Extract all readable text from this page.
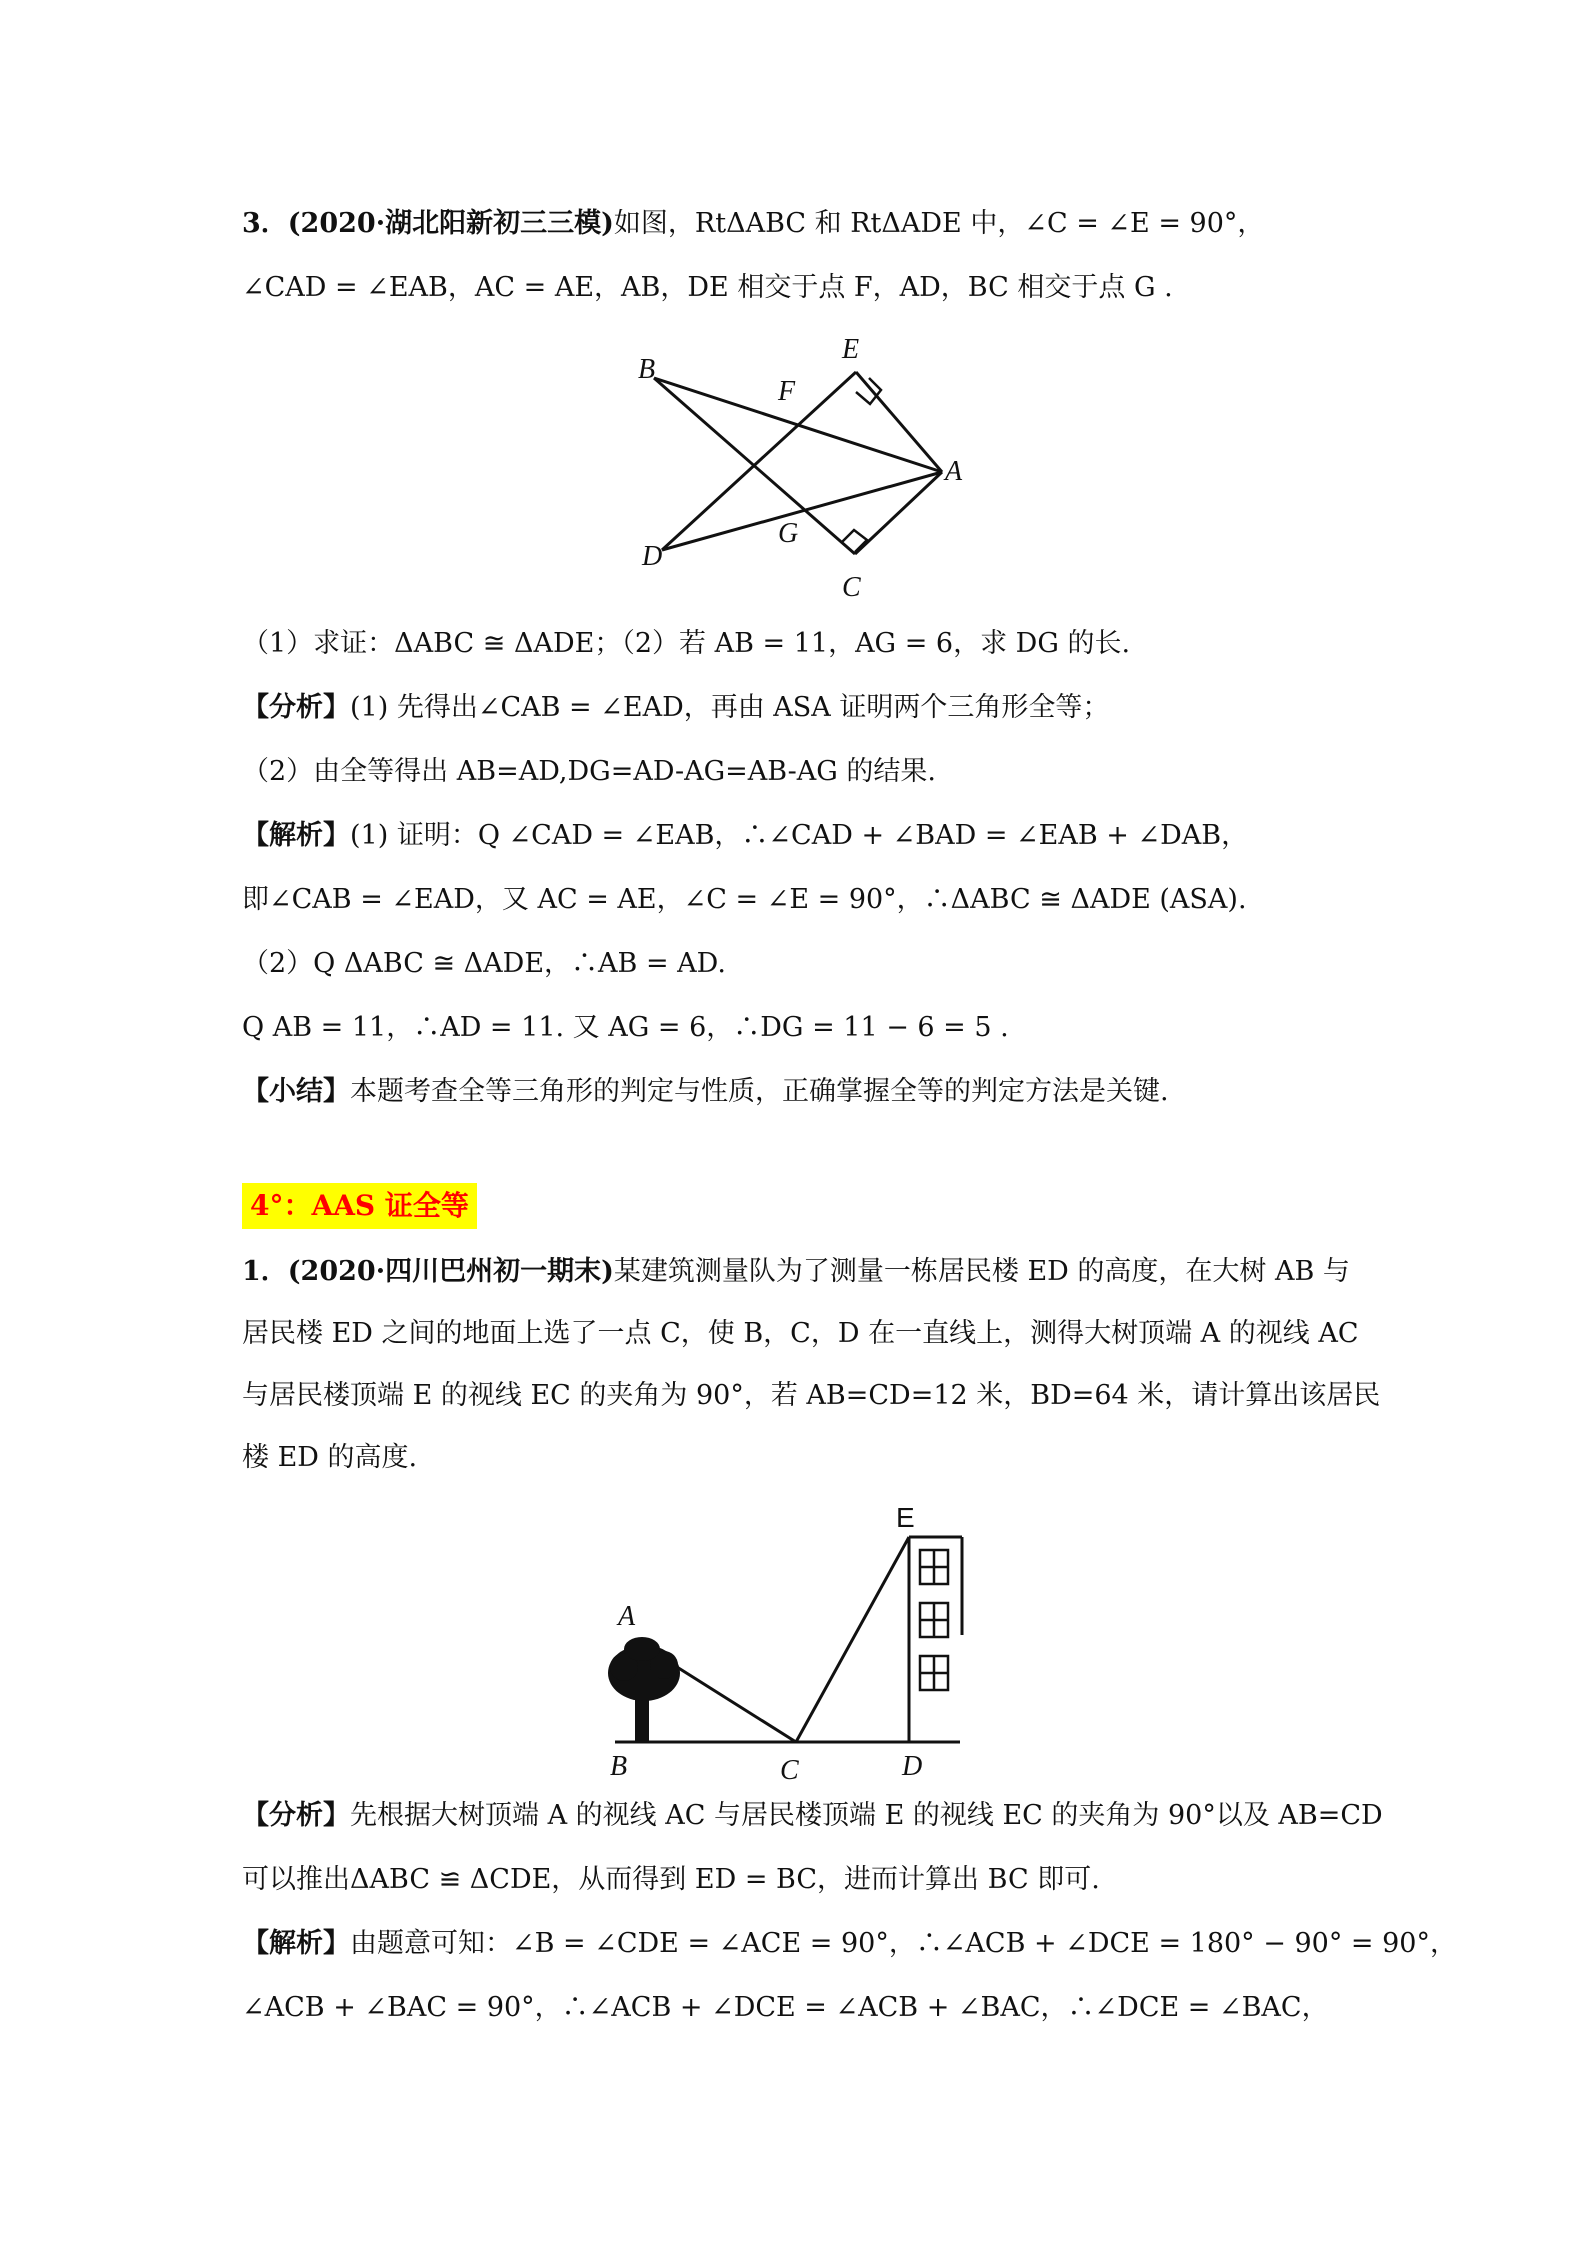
3．(2020·湖北阳新初三三模)如图，RtΔABC 和 RtΔADE 中，∠C = ∠E = 90°，
∠CAD = ∠EAB，AC = AE，AB，DE 相交于点 F，AD，BC 相交于点 G .
B
E
F
A
D
G
C
（1）求证：ΔABC ≅ ΔADE；（2）若 AB = 11，AG = 6，求 DG 的长.
【分析】(1) 先得出∠CAB = ∠EAD，再由 ASA 证明两个三角形全等；
（2）由全等得出 AB=AD,DG=AD-AG=AB-AG 的结果.
【解析】(1) 证明：Q ∠CAD = ∠EAB，∴∠CAD + ∠BAD = ∠EAB + ∠DAB，
即∠CAB = ∠EAD，又 AC = AE，∠C = ∠E = 90°，∴ΔABC ≅ ΔADE (ASA).
（2）Q ΔABC ≅ ΔADE，∴AB = AD.
Q AB = 11，∴AD = 11. 又 AG = 6，∴DG = 11 − 6 = 5 .
【小结】本题考查全等三角形的判定与性质，正确掌握全等的判定方法是关键.
4°：AAS 证全等
1．(2020·四川巴州初一期末)某建筑测量队为了测量一栋居民楼 ED 的高度，在大树 AB 与
居民楼 ED 之间的地面上选了一点 C，使 B，C，D 在一直线上，测得大树顶端 A 的视线 AC
与居民楼顶端 E 的视线 EC 的夹角为 90°，若 AB=CD=12 米，BD=64 米，请计算出该居民
楼 ED 的高度.
A
B	C	D
E
【分析】先根据大树顶端 A 的视线 AC 与居民楼顶端 E 的视线 EC 的夹角为 90°以及 AB=CD
可以推出ΔABC ≌ ΔCDE，从而得到 ED = BC，进而计算出 BC 即可.
【解析】由题意可知：∠B = ∠CDE = ∠ACE = 90°，∴∠ACB + ∠DCE = 180° − 90° = 90°，
∠ACB + ∠BAC = 90°，∴∠ACB + ∠DCE = ∠ACB + ∠BAC，∴∠DCE = ∠BAC，
